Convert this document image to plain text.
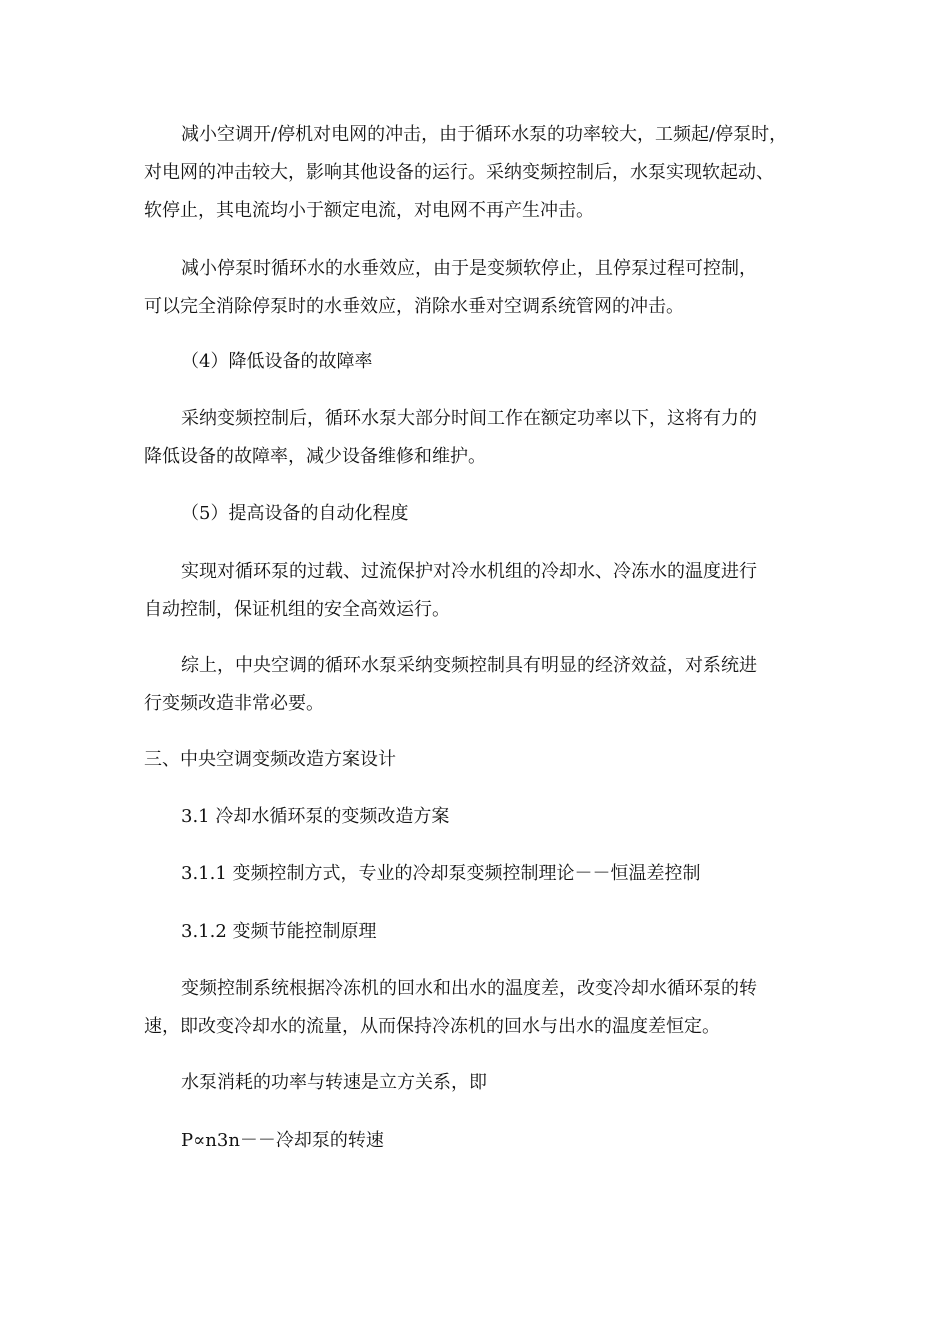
减小空调开/停机对电网的冲击，由于循环水泵的功率较大，工频起/停泵时，
对电网的冲击较大，影响其他设备的运行。采纳变频控制后，水泵实现软起动、
软停止，其电流均小于额定电流，对电网不再产生冲击。

减小停泵时循环水的水垂效应，由于是变频软停止，且停泵过程可控制，
可以完全消除停泵时的水垂效应，消除水垂对空调系统管网的冲击。

（4）降低设备的故障率

采纳变频控制后，循环水泵大部分时间工作在额定功率以下，这将有力的
降低设备的故障率，减少设备维修和维护。

（5）提高设备的自动化程度

实现对循环泵的过载、过流保护对冷水机组的冷却水、冷冻水的温度进行
自动控制，保证机组的安全高效运行。

综上，中央空调的循环水泵采纳变频控制具有明显的经济效益，对系统进
行变频改造非常必要。

三、中央空调变频改造方案设计

3.1 冷却水循环泵的变频改造方案

3.1.1 变频控制方式，专业的冷却泵变频控制理论－－恒温差控制

3.1.2 变频节能控制原理

变频控制系统根据冷冻机的回水和出水的温度差，改变冷却水循环泵的转
速，即改变冷却水的流量，从而保持冷冻机的回水与出水的温度差恒定。

水泵消耗的功率与转速是立方关系，即

P∝n3n－－冷却泵的转速
